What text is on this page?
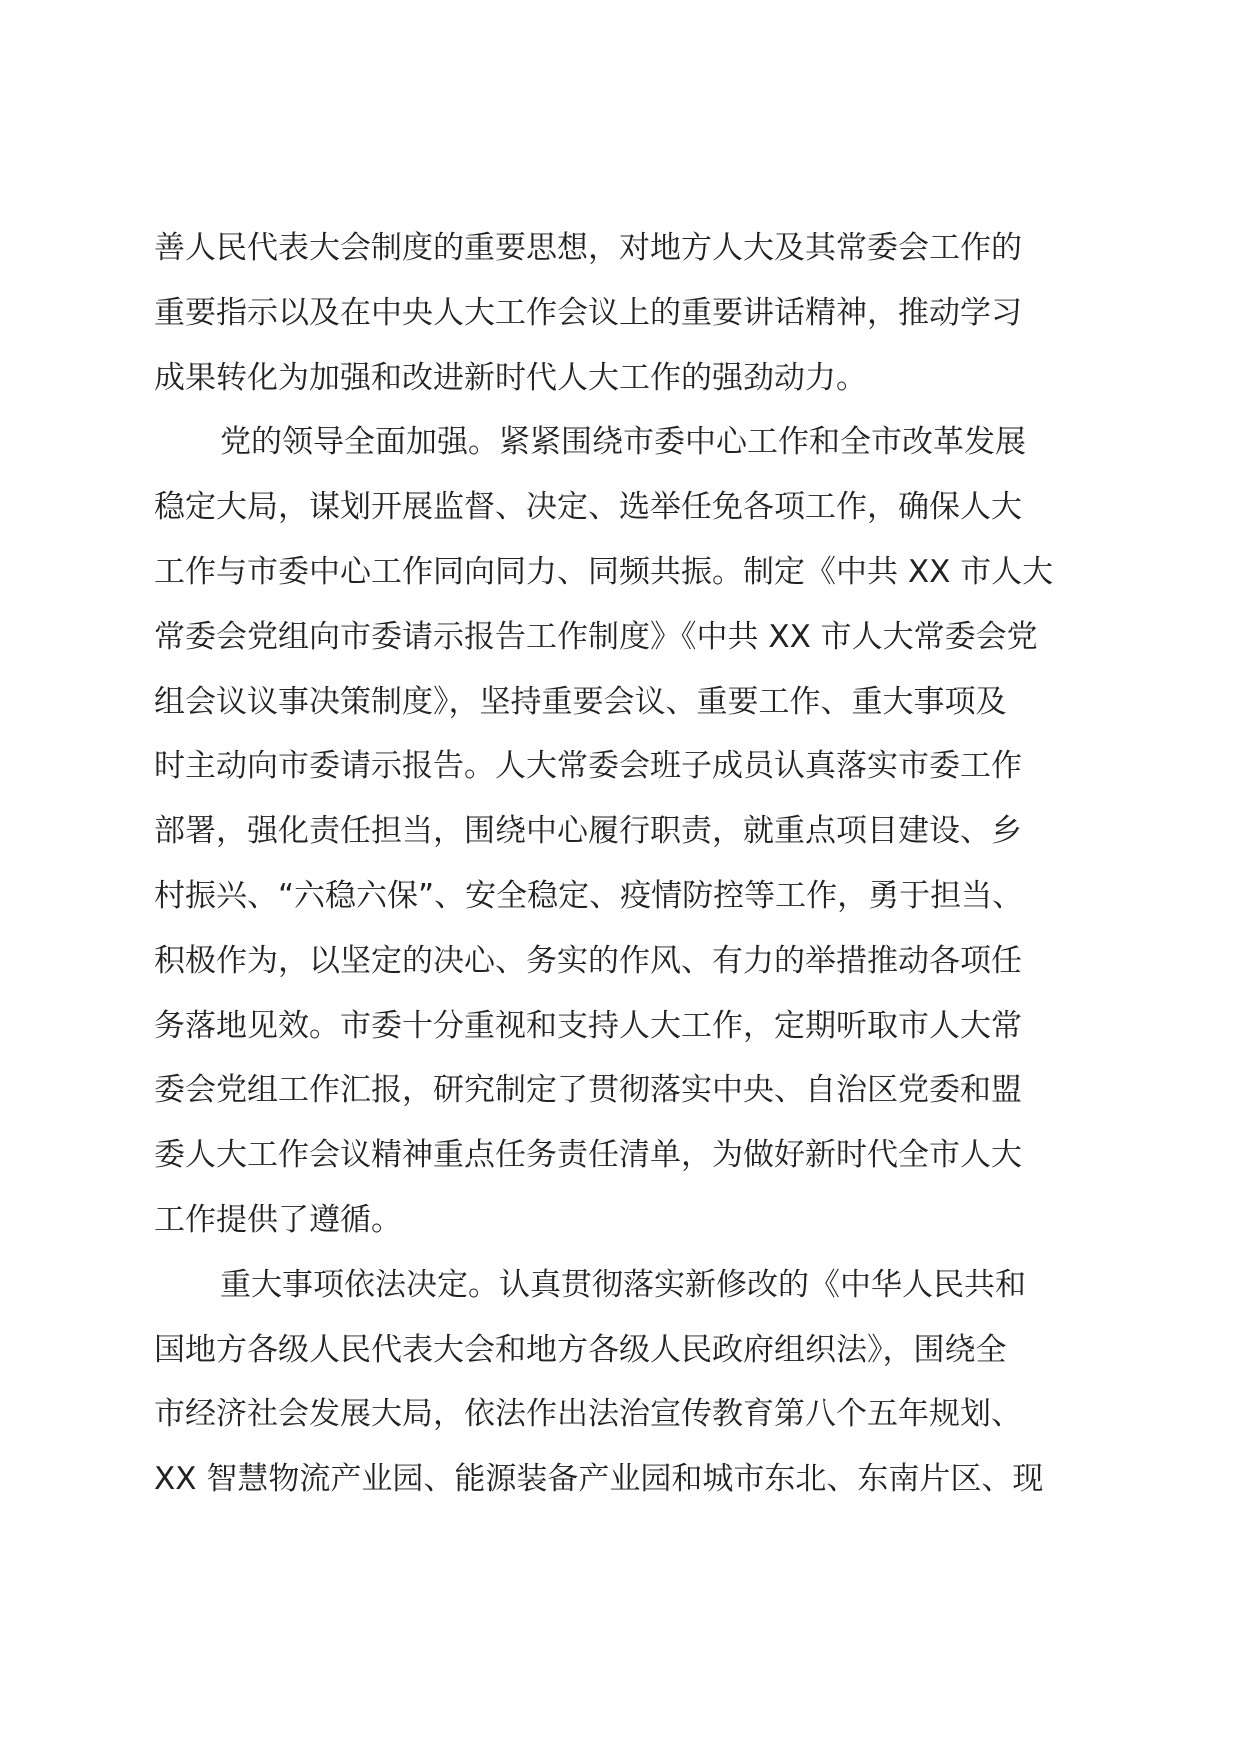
善人民代表大会制度的重要思想，对地方人大及其常委会工作的
重要指示以及在中央人大工作会议上的重要讲话精神，推动学习
成果转化为加强和改进新时代人大工作的强劲动力。
党的领导全面加强。紧紧围绕市委中心工作和全市改革发展
稳定大局，谋划开展监督、决定、选举任免各项工作，确保人大
工作与市委中心工作同向同力、同频共振。制定《中共 XX 市人大
常委会党组向市委请示报告工作制度》《中共 XX 市人大常委会党
组会议议事决策制度》，坚持重要会议、重要工作、重大事项及
时主动向市委请示报告。人大常委会班子成员认真落实市委工作
部署，强化责任担当，围绕中心履行职责，就重点项目建设、乡
村振兴、“六稳六保”、安全稳定、疫情防控等工作，勇于担当、
积极作为，以坚定的决心、务实的作风、有力的举措推动各项任
务落地见效。市委十分重视和支持人大工作，定期听取市人大常
委会党组工作汇报，研究制定了贯彻落实中央、自治区党委和盟
委人大工作会议精神重点任务责任清单，为做好新时代全市人大
工作提供了遵循。
重大事项依法决定。认真贯彻落实新修改的《中华人民共和
国地方各级人民代表大会和地方各级人民政府组织法》，围绕全
市经济社会发展大局，依法作出法治宣传教育第八个五年规划、
XX 智慧物流产业园、能源装备产业园和城市东北、东南片区、现
